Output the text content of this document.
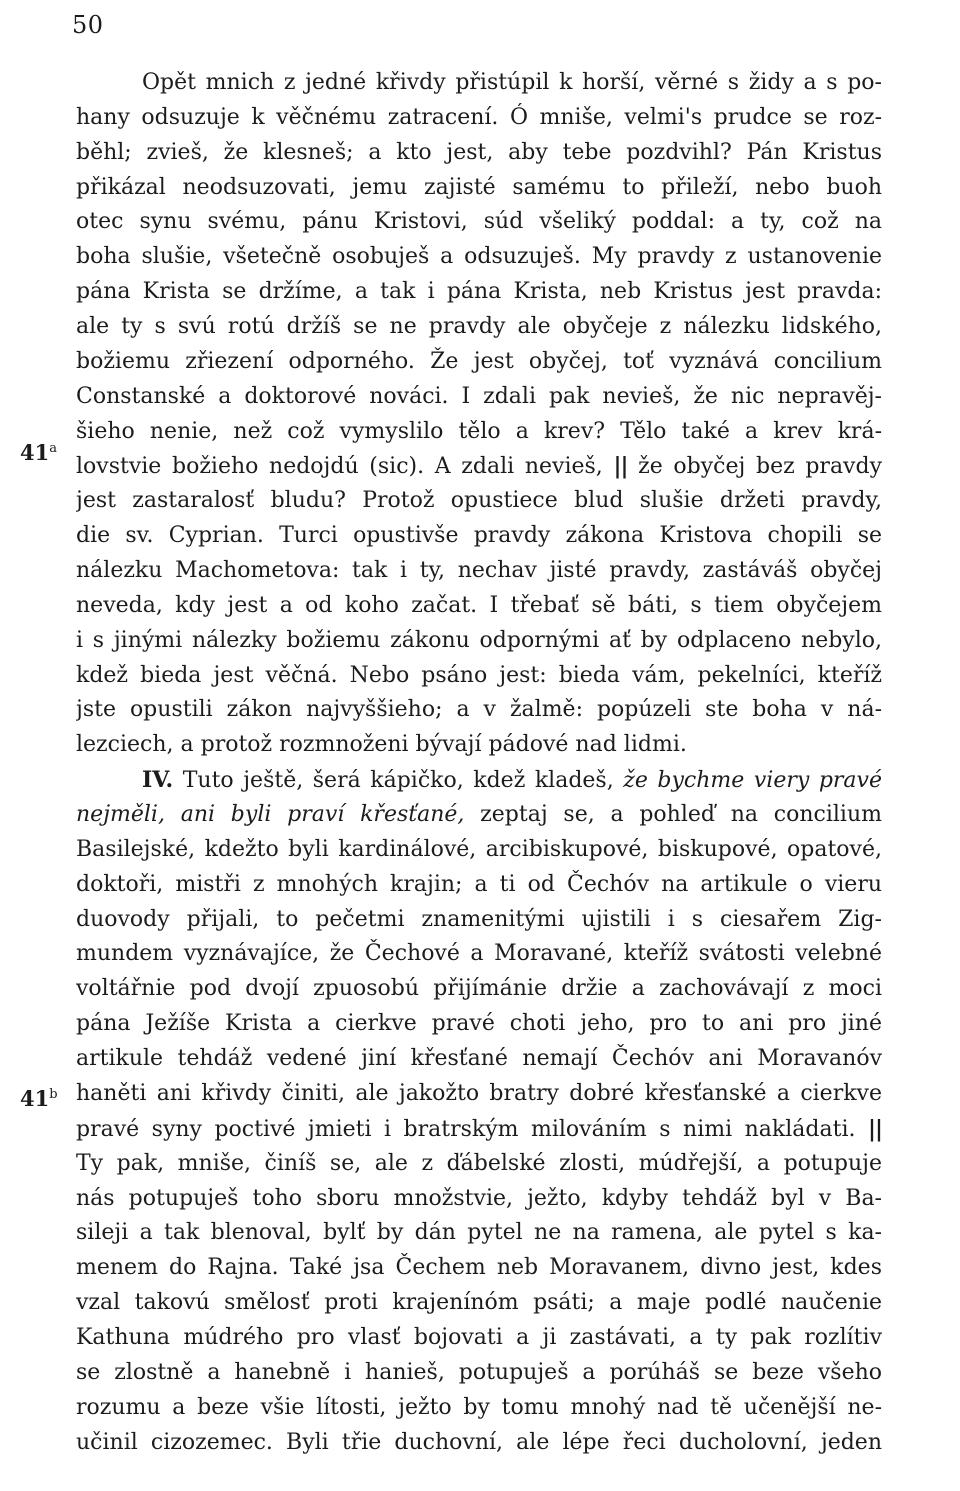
50
41$^a$
41$^b$
Opět mnich z jedné křivdy přistúpil k horší, věrné s židy a s po-
hany odsuzuje k věčnému zatracení. Ó mniše, velmi's prudce se roz-
běhl; zvieš, že klesneš; a kto jest, aby tebe pozdvihl? Pán Kristus
přikázal neodsuzovati, jemu zajisté samému to přileží, nebo buoh
otec synu svému, pánu Kristovi, súd všeliký poddal: a ty, což na
boha slušie, všetečně osobuješ a odsuzuješ. My pravdy z ustanovenie
pána Krista se držíme, a tak i pána Krista, neb Kristus jest pravda:
ale ty s svú rotú držíš se ne pravdy ale obyčeje z nálezku lidského,
božiemu zřiezení odporného. Že jest obyčej, toť vyznává concilium
Constanské a doktorové nováci. I zdali pak nevieš, že nic nepravěj-
šieho nenie, než což vymyslilo tělo a krev? Tělo také a krev krá-
lovstvie božieho nedojdú (sic). A zdali nevieš, || že obyčej bez pravdy
jest zastaralosť bludu? Protož opustiece blud slušie držeti pravdy,
die sv. Cyprian. Turci opustivše pravdy zákona Kristova chopili se
nálezku Machometova: tak i ty, nechav jisté pravdy, zastáváš obyčej
neveda, kdy jest a od koho začat. I třebať sě báti, s tiem obyčejem
i s jinými nálezky božiemu zákonu odpornými ať by odplaceno nebylo,
kdež bieda jest věčná. Nebo psáno jest: bieda vám, pekelníci, kteříž
jste opustili zákon najvyššieho; a v žalmě: popúzeli ste boha v ná-
lezciech, a protož rozmnoženi bývají pádové nad lidmi.
IV. Tuto ještě, šerá kápičko, kdež kladeš, že bychme viery pravé
nejměli, ani byli praví křesťané, zeptaj se, a pohleď na concilium
Basilejské, kdežto byli kardinálové, arcibiskupové, biskupové, opatové,
doktoři, mistři z mnohých krajin; a ti od Čechóv na artikule o vieru
duovody přijali, to pečetmi znamenitými ujistili i s ciesařem Zig-
mundem vyznávajíce, že Čechové a Moravané, kteříž svátosti velebné
voltářnie pod dvojí zpuosobú přijímánie držie a zachovávají z moci
pána Ježíše Krista a cierkve pravé choti jeho, pro to ani pro jiné
artikule tehdáž vedené jiní křesťané nemají Čechóv ani Moravanóv
haněti ani křivdy činiti, ale jakožto bratry dobré křesťanské a cierkve
pravé syny poctivé jmieti i bratrským milováním s nimi nakládati. ||
Ty pak, mniše, činíš se, ale z ďábelské zlosti, múdřejší, a potupuje
nás potupuješ toho sboru množstvie, ježto, kdyby tehdáž byl v Ba-
sileji a tak blenoval, bylť by dán pytel ne na ramena, ale pytel s ka-
menem do Rajna. Také jsa Čechem neb Moravanem, divno jest, kdes
vzal takovú smělosť proti krajenínóm psáti; a maje podlé naučenie
Kathuna múdrého pro vlasť bojovati a ji zastávati, a ty pak rozlítiv
se zlostně a hanebně i hanieš, potupuješ a porúháš se beze všeho
rozumu a beze všie lítosti, ježto by tomu mnohý nad tě učenější ne-
učinil cizozemec. Byli třie duchovní, ale lépe řeci ducholovní, jeden
